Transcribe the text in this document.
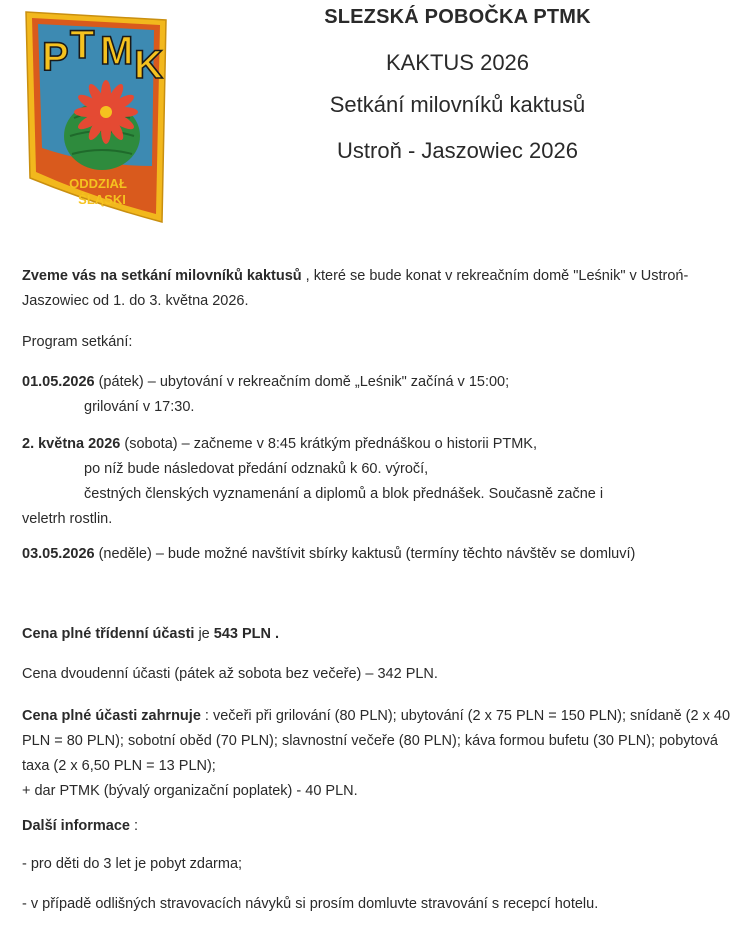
P T M K
ODDZIAŁ
ŚLĄSKI
SLEZSKÁ POBOČKA PTMK
KAKTUS 2026
Setkání milovníků kaktusů
Ustroň - Jaszowiec 2026

Zveme vás na setkání milovníků kaktusů , které se bude konat v rekreačním domě "Leśnik" v Ustroń-Jaszowiec od 1. do 3. května 2026.

Program setkání:

01.05.2026 (pátek) – ubytování v rekreačním domě „Leśnik" začíná v 15:00;
grilování v 17:30.

2. května 2026 (sobota) – začneme v 8:45 krátkým přednáškou o historii PTMK,
po níž bude následovat předání odznaků k 60. výročí,
čestných členských vyznamenání a diplomů a blok přednášek. Současně začne i
veletrh rostlin.

03.05.2026 (neděle) – bude možné navštívit sbírky kaktusů (termíny těchto návštěv se domluví)

Cena plné třídenní účasti je 543 PLN .

Cena dvoudenní účasti (pátek až sobota bez večeře) – 342 PLN.

Cena plné účasti zahrnuje : večeři při grilování (80 PLN); ubytování (2 x 75 PLN = 150 PLN); snídaně (2 x 40 PLN = 80 PLN); sobotní oběd (70 PLN); slavnostní večeře (80 PLN); káva formou bufetu (30 PLN); pobytová taxa (2 x 6,50 PLN = 13 PLN);
+ dar PTMK (bývalý organizační poplatek) - 40 PLN.

Další informace :

- pro děti do 3 let je pobyt zdarma;

- v případě odlišných stravovacích návyků si prosím domluvte stravování s recepcí hotelu.
